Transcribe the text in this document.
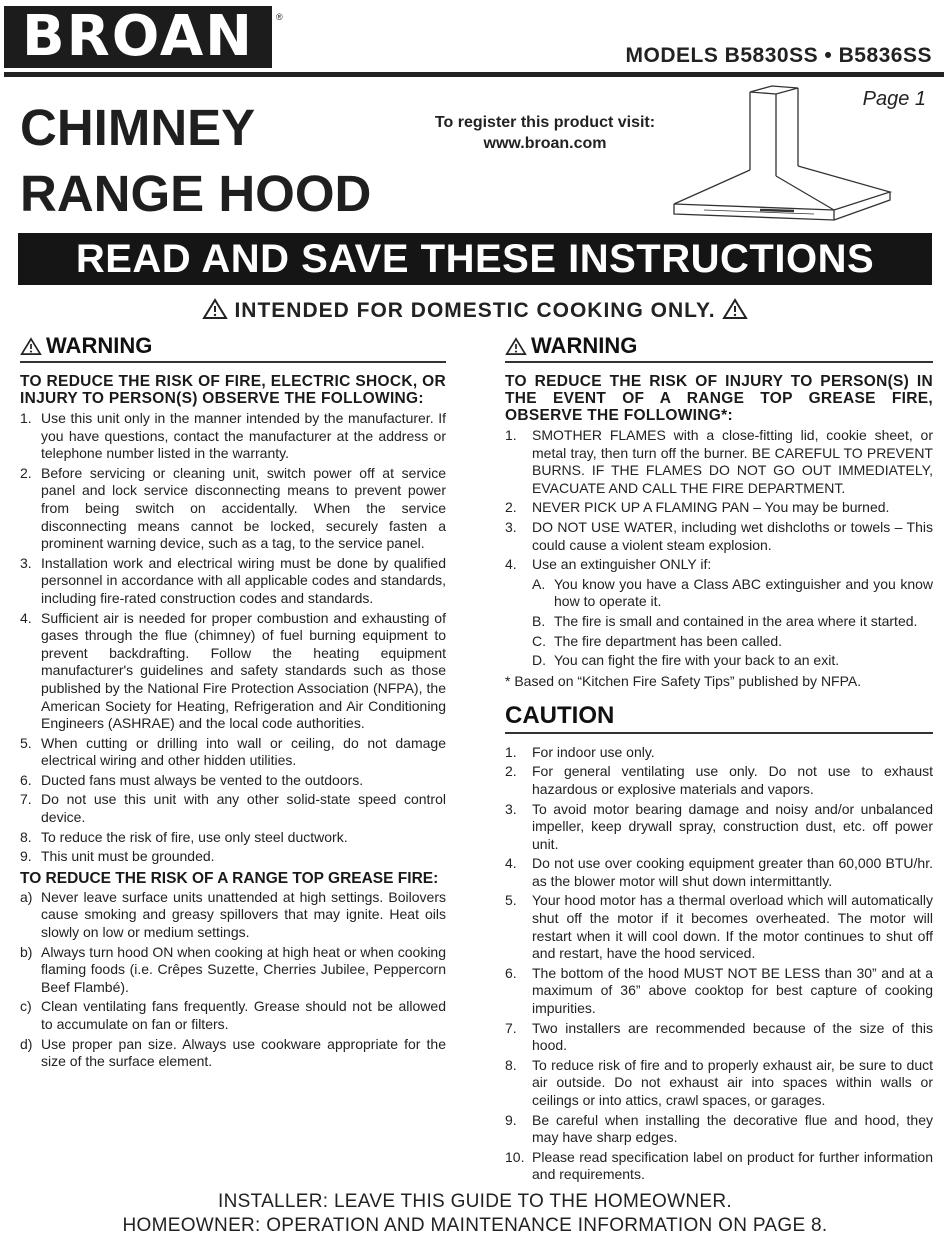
BROAN ®
MODELS B5830SS • B5836SS
CHIMNEY
RANGE HOOD
To register this product visit:
www.broan.com
Page 1
READ AND SAVE THESE INSTRUCTIONS
INTENDED FOR DOMESTIC COOKING ONLY.
WARNING
TO REDUCE THE RISK OF FIRE, ELECTRIC SHOCK, OR INJURY TO PERSON(S) OBSERVE THE FOLLOWING:
1. Use this unit only in the manner intended by the manufacturer. If you have questions, contact the manufacturer at the address or telephone number listed in the warranty.
2. Before servicing or cleaning unit, switch power off at service panel and lock service disconnecting means to prevent power from being switch on accidentally. When the service disconnecting means cannot be locked, securely fasten a prominent warning device, such as a tag, to the service panel.
3. Installation work and electrical wiring must be done by qualified personnel in accordance with all applicable codes and standards, including fire-rated construction codes and standards.
4. Sufficient air is needed for proper combustion and exhausting of gases through the flue (chimney) of fuel burning equipment to prevent backdrafting. Follow the heating equipment manufacturer's guidelines and safety standards such as those published by the National Fire Protection Association (NFPA), the American Society for Heating, Refrigeration and Air Conditioning Engineers (ASHRAE) and the local code authorities.
5. When cutting or drilling into wall or ceiling, do not damage electrical wiring and other hidden utilities.
6. Ducted fans must always be vented to the outdoors.
7. Do not use this unit with any other solid-state speed control device.
8. To reduce the risk of fire, use only steel ductwork.
9. This unit must be grounded.
TO REDUCE THE RISK OF A RANGE TOP GREASE FIRE:
a) Never leave surface units unattended at high settings. Boilovers cause smoking and greasy spillovers that may ignite. Heat oils slowly on low or medium settings.
b) Always turn hood ON when cooking at high heat or when cooking flaming foods (i.e. Crêpes Suzette, Cherries Jubilee, Peppercorn Beef Flambé).
c) Clean ventilating fans frequently. Grease should not be allowed to accumulate on fan or filters.
d) Use proper pan size. Always use cookware appropriate for the size of the surface element.
WARNING
TO REDUCE THE RISK OF INJURY TO PERSON(S) IN THE EVENT OF A RANGE TOP GREASE FIRE, OBSERVE THE FOLLOWING*:
1. SMOTHER FLAMES with a close-fitting lid, cookie sheet, or metal tray, then turn off the burner. BE CAREFUL TO PREVENT BURNS. IF THE FLAMES DO NOT GO OUT IMMEDIATELY, EVACUATE AND CALL THE FIRE DEPARTMENT.
2. NEVER PICK UP A FLAMING PAN – You may be burned.
3. DO NOT USE WATER, including wet dishcloths or towels – This could cause a violent steam explosion.
4. Use an extinguisher ONLY if:
A. You know you have a Class ABC extinguisher and you know how to operate it.
B. The fire is small and contained in the area where it started.
C. The fire department has been called.
D. You can fight the fire with your back to an exit.
* Based on “Kitchen Fire Safety Tips” published by NFPA.
CAUTION
1. For indoor use only.
2. For general ventilating use only. Do not use to exhaust hazardous or explosive materials and vapors.
3. To avoid motor bearing damage and noisy and/or unbalanced impeller, keep drywall spray, construction dust, etc. off power unit.
4. Do not use over cooking equipment greater than 60,000 BTU/hr. as the blower motor will shut down intermittantly.
5. Your hood motor has a thermal overload which will automatically shut off the motor if it becomes overheated. The motor will restart when it will cool down. If the motor continues to shut off and restart, have the hood serviced.
6. The bottom of the hood MUST NOT BE LESS than 30” and at a maximum of 36” above cooktop for best capture of cooking impurities.
7. Two installers are recommended because of the size of this hood.
8. To reduce risk of fire and to properly exhaust air, be sure to duct air outside. Do not exhaust air into spaces within walls or ceilings or into attics, crawl spaces, or garages.
9. Be careful when installing the decorative flue and hood, they may have sharp edges.
10. Please read specification label on product for further information and requirements.
INSTALLER: LEAVE THIS GUIDE TO THE HOMEOWNER.
HOMEOWNER: OPERATION AND MAINTENANCE INFORMATION ON PAGE 8.
